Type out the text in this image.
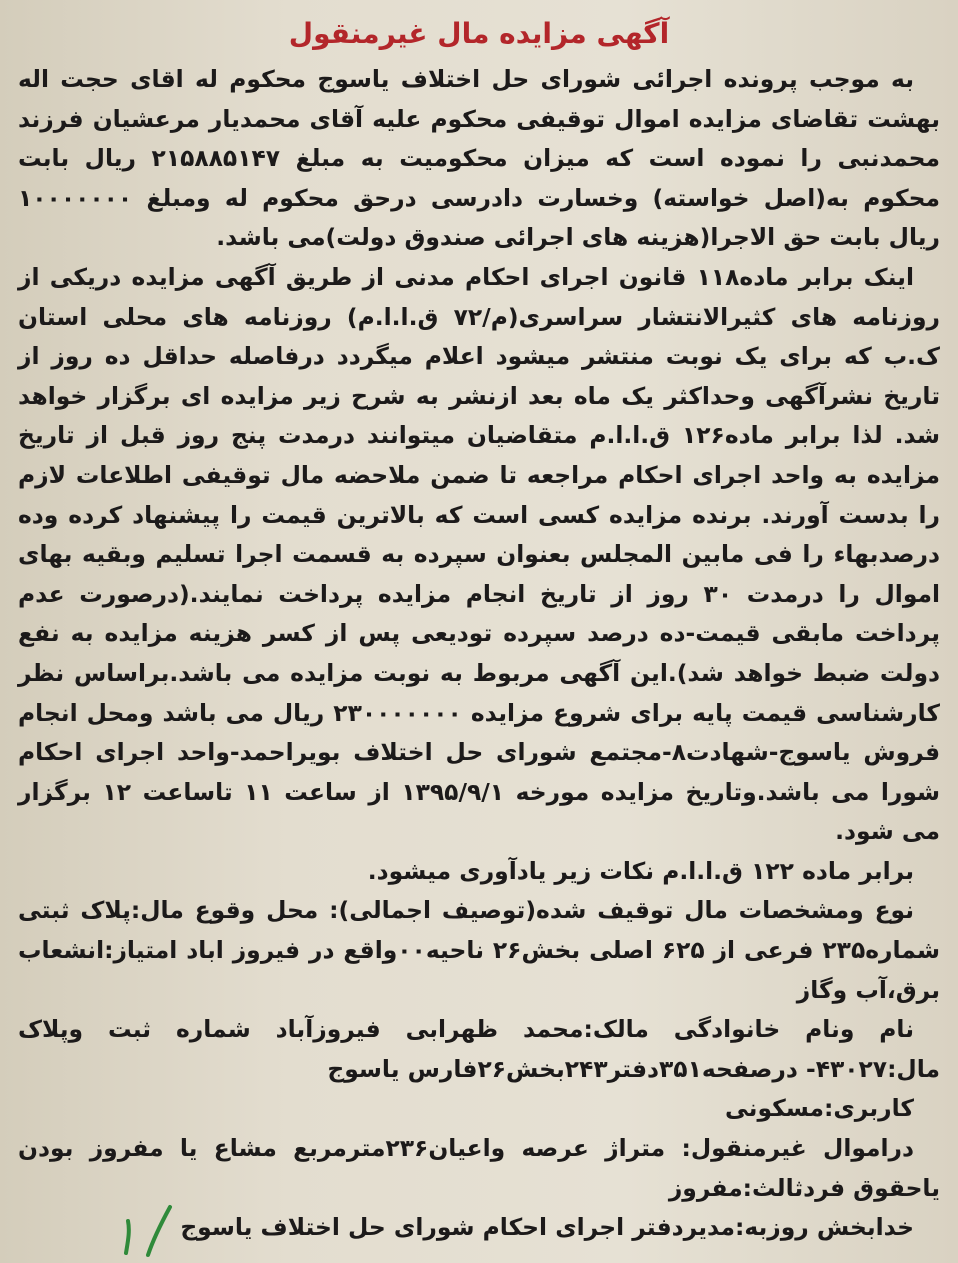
آگهی مزایده مال غیرمنقول

به موجب پرونده اجرائی شورای حل اختلاف یاسوج محکوم له اقای حجت اله بهشت تقاضای مزایده اموال توقیفی محکوم علیه آقای محمدیار مرعشیان فرزند محمدنبی را نموده است که میزان محکومیت به مبلغ ۲۱۵۸۸۵۱۴۷ ریال بابت محکوم به(اصل خواسته) وخسارت دادرسی درحق محکوم له ومبلغ ۱۰۰۰۰۰۰۰ ریال بابت حق الاجرا(هزینه های اجرائی صندوق دولت)می باشد.

اینک برابر ماده۱۱۸ قانون اجرای احکام مدنی از طریق آگهی مزایده دریکی از روزنامه های کثیرالانتشار سراسری(م/۷۲ ق.ا.ا.م) روزنامه های محلی استان ک.ب که برای یک نوبت منتشر میشود اعلام میگردد درفاصله حداقل ده روز از تاریخ نشرآگهی وحداکثر یک ماه بعد ازنشر به شرح زیر مزایده ای برگزار خواهد شد. لذا برابر ماده۱۲۶ ق.ا.ا.م متقاضیان میتوانند درمدت پنج روز قبل از تاریخ مزایده به واحد اجرای احکام مراجعه تا ضمن ملاحضه مال توقیفی اطلاعات لازم را بدست آورند. برنده مزایده کسی است که بالاترین قیمت را پیشنهاد کرده وده درصدبهاء را فی مابین المجلس بعنوان سپرده به قسمت اجرا تسلیم وبقیه بهای اموال را درمدت ۳۰ روز از تاریخ انجام مزایده پرداخت نمایند.(درصورت عدم پرداخت مابقی قیمت-ده درصد سپرده تودیعی پس از کسر هزینه مزایده به نفع دولت ضبط خواهد شد).این آگهی مربوط به نوبت مزایده می باشد.براساس نظر کارشناسی قیمت پایه برای شروع مزایده ۲۳۰۰۰۰۰۰۰ ریال می باشد ومحل انجام فروش یاسوج-شهادت۸-مجتمع شورای حل اختلاف بویراحمد-واحد اجرای احکام شورا می باشد.وتاریخ مزایده مورخه ۱۳۹۵/۹/۱ از ساعت ۱۱ تاساعت ۱۲ برگزار می شود.

برابر ماده ۱۲۲ ق.ا.ا.م نکات زیر یادآوری میشود.

نوع ومشخصات مال توقیف شده(توصیف اجمالی): محل وقوع مال:پلاک ثبتی شماره۲۳۵ فرعی از ۶۲۵ اصلی بخش۲۶ ناحیه۰۰واقع در فیروز اباد امتیاز:انشعاب برق،آب وگاز

نام ونام خانوادگی مالک:محمد ظهرابی فیروزآباد شماره ثبت وپلاک مال:۴۳۰۲۷- درصفحه۳۵۱دفتر۲۴۳بخش۲۶فارس یاسوج

کاربری:مسکونی

دراموال غیرمنقول: متراژ عرصه واعیان۲۳۶مترمربع مشاع یا مفروز بودن یاحقوق فردثالث:مفروز

خدابخش روزبه:مدیردفتر اجرای احکام شورای حل اختلاف یاسوج
